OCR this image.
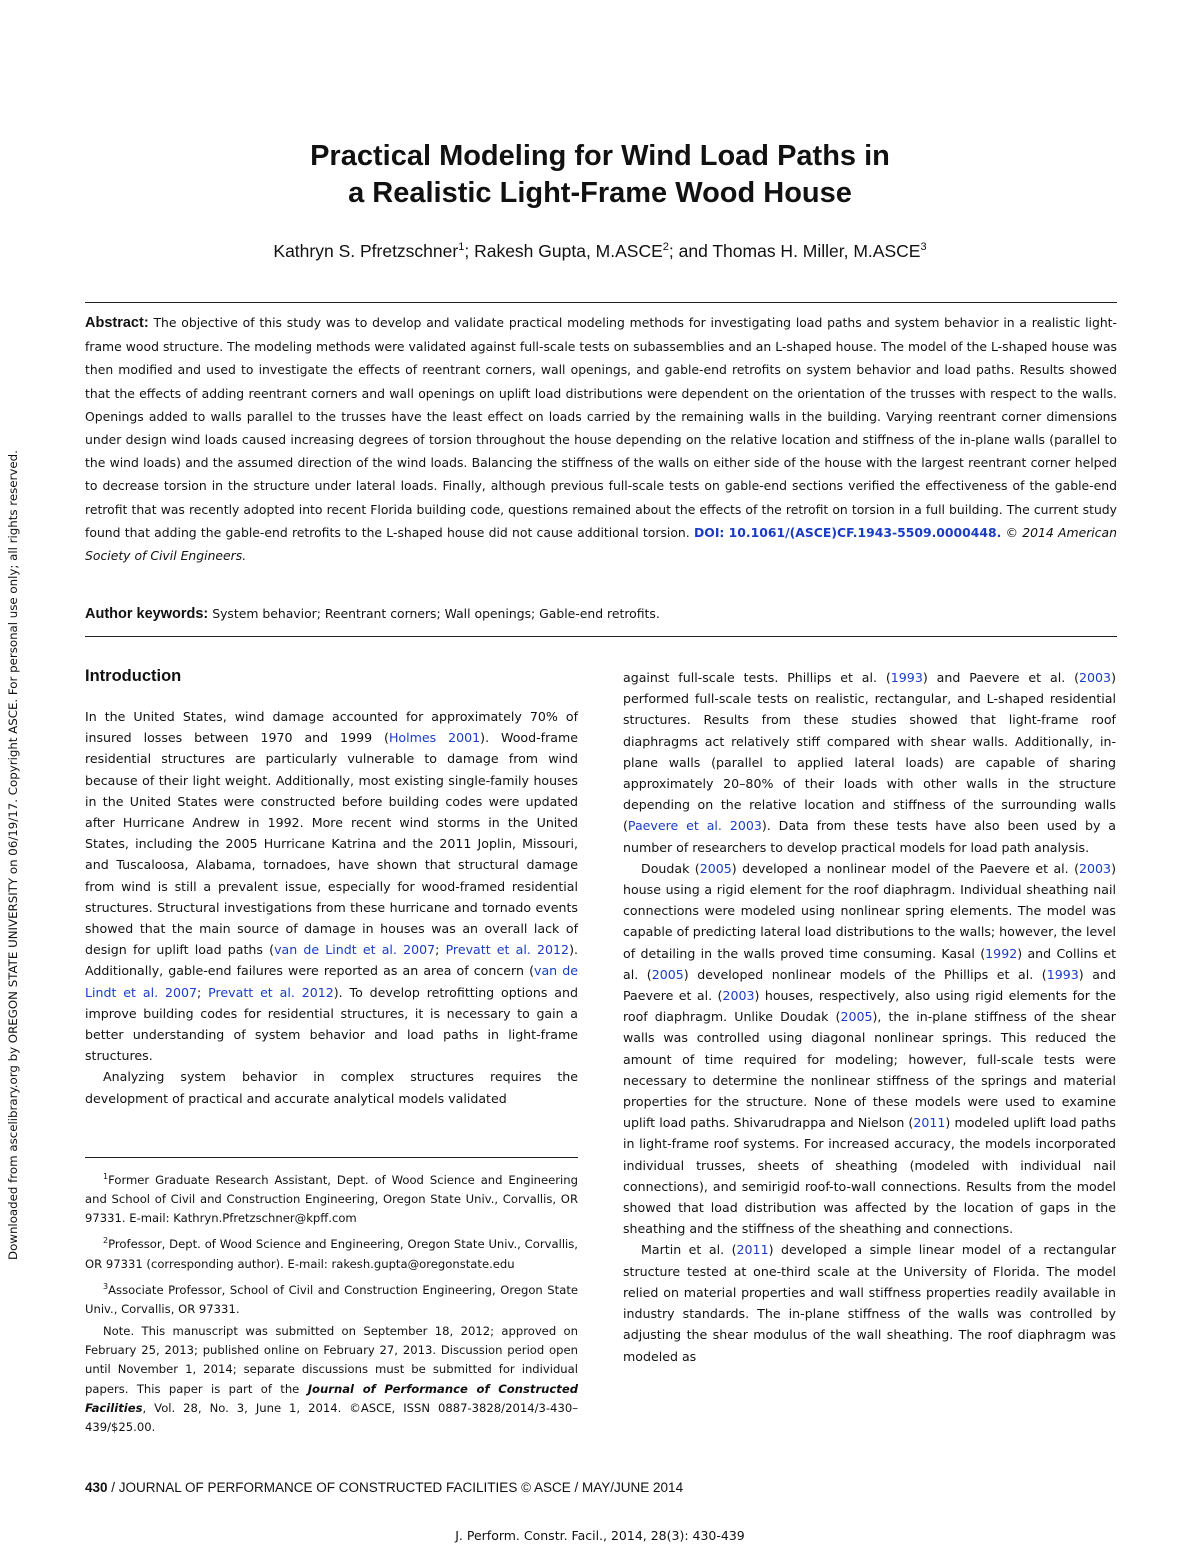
Downloaded from ascelibrary.org by OREGON STATE UNIVERSITY on 06/19/17. Copyright ASCE. For personal use only; all rights reserved.
Practical Modeling for Wind Load Paths in
a Realistic Light-Frame Wood House
Kathryn S. Pfretzschner$^1$; Rakesh Gupta, M.ASCE$^2$; and Thomas H. Miller, M.ASCE$^3$
Abstract: The objective of this study was to develop and validate practical modeling methods for investigating load paths and system behavior in a realistic light-frame wood structure. The modeling methods were validated against full-scale tests on subassemblies and an L-shaped house. The model of the L-shaped house was then modified and used to investigate the effects of reentrant corners, wall openings, and gable-end retrofits on system behavior and load paths. Results showed that the effects of adding reentrant corners and wall openings on uplift load distributions were dependent on the orientation of the trusses with respect to the walls. Openings added to walls parallel to the trusses have the least effect on loads carried by the remaining walls in the building. Varying reentrant corner dimensions under design wind loads caused increasing degrees of torsion throughout the house depending on the relative location and stiffness of the in-plane walls (parallel to the wind loads) and the assumed direction of the wind loads. Balancing the stiffness of the walls on either side of the house with the largest reentrant corner helped to decrease torsion in the structure under lateral loads. Finally, although previous full-scale tests on gable-end sections verified the effectiveness of the gable-end retrofit that was recently adopted into recent Florida building code, questions remained about the effects of the retrofit on torsion in a full building. The current study found that adding the gable-end retrofits to the L-shaped house did not cause additional torsion. DOI: 10.1061/(ASCE)CF.1943-5509.0000448. © 2014 American Society of Civil Engineers.
Author keywords: System behavior; Reentrant corners; Wall openings; Gable-end retrofits.
Introduction

In the United States, wind damage accounted for approximately 70% of insured losses between 1970 and 1999 (Holmes 2001). Wood-frame residential structures are particularly vulnerable to damage from wind because of their light weight. Additionally, most existing single-family houses in the United States were constructed before building codes were updated after Hurricane Andrew in 1992. More recent wind storms in the United States, including the 2005 Hurricane Katrina and the 2011 Joplin, Missouri, and Tuscaloosa, Alabama, tornadoes, have shown that structural damage from wind is still a prevalent issue, especially for wood-framed residential structures. Structural investigations from these hurricane and tornado events showed that the main source of damage in houses was an overall lack of design for uplift load paths (van de Lindt et al. 2007; Prevatt et al. 2012). Additionally, gable-end failures were reported as an area of concern (van de Lindt et al. 2007; Prevatt et al. 2012). To develop retrofitting options and improve building codes for residential structures, it is necessary to gain a better understanding of system behavior and load paths in light-frame structures.

Analyzing system behavior in complex structures requires the development of practical and accurate analytical models validated

$^1$Former Graduate Research Assistant, Dept. of Wood Science and Engineering and School of Civil and Construction Engineering, Oregon State Univ., Corvallis, OR 97331. E-mail: Kathryn.Pfretzschner@kpff.com

$^2$Professor, Dept. of Wood Science and Engineering, Oregon State Univ., Corvallis, OR 97331 (corresponding author). E-mail: rakesh.gupta@oregonstate.edu

$^3$Associate Professor, School of Civil and Construction Engineering, Oregon State Univ., Corvallis, OR 97331.

Note. This manuscript was submitted on September 18, 2012; approved on February 25, 2013; published online on February 27, 2013. Discussion period open until November 1, 2014; separate discussions must be submitted for individual papers. This paper is part of the Journal of Performance of Constructed Facilities, Vol. 28, No. 3, June 1, 2014. ©ASCE, ISSN 0887-3828/2014/3-430–439/$25.00.

against full-scale tests. Phillips et al. (1993) and Paevere et al. (2003) performed full-scale tests on realistic, rectangular, and L-shaped residential structures. Results from these studies showed that light-frame roof diaphragms act relatively stiff compared with shear walls. Additionally, in-plane walls (parallel to applied lateral loads) are capable of sharing approximately 20–80% of their loads with other walls in the structure depending on the relative location and stiffness of the surrounding walls (Paevere et al. 2003). Data from these tests have also been used by a number of researchers to develop practical models for load path analysis.

Doudak (2005) developed a nonlinear model of the Paevere et al. (2003) house using a rigid element for the roof diaphragm. Individual sheathing nail connections were modeled using nonlinear spring elements. The model was capable of predicting lateral load distributions to the walls; however, the level of detailing in the walls proved time consuming. Kasal (1992) and Collins et al. (2005) developed nonlinear models of the Phillips et al. (1993) and Paevere et al. (2003) houses, respectively, also using rigid elements for the roof diaphragm. Unlike Doudak (2005), the in-plane stiffness of the shear walls was controlled using diagonal nonlinear springs. This reduced the amount of time required for modeling; however, full-scale tests were necessary to determine the nonlinear stiffness of the springs and material properties for the structure. None of these models were used to examine uplift load paths. Shivarudrappa and Nielson (2011) modeled uplift load paths in light-frame roof systems. For increased accuracy, the models incorporated individual trusses, sheets of sheathing (modeled with individual nail connections), and semirigid roof-to-wall connections. Results from the model showed that load distribution was affected by the location of gaps in the sheathing and the stiffness of the sheathing and connections.

Martin et al. (2011) developed a simple linear model of a rectangular structure tested at one-third scale at the University of Florida. The model relied on material properties and wall stiffness properties readily available in industry standards. The in-plane stiffness of the walls was controlled by adjusting the shear modulus of the wall sheathing. The roof diaphragm was modeled as

430 / JOURNAL OF PERFORMANCE OF CONSTRUCTED FACILITIES © ASCE / MAY/JUNE 2014
J. Perform. Constr. Facil., 2014, 28(3): 430-439
